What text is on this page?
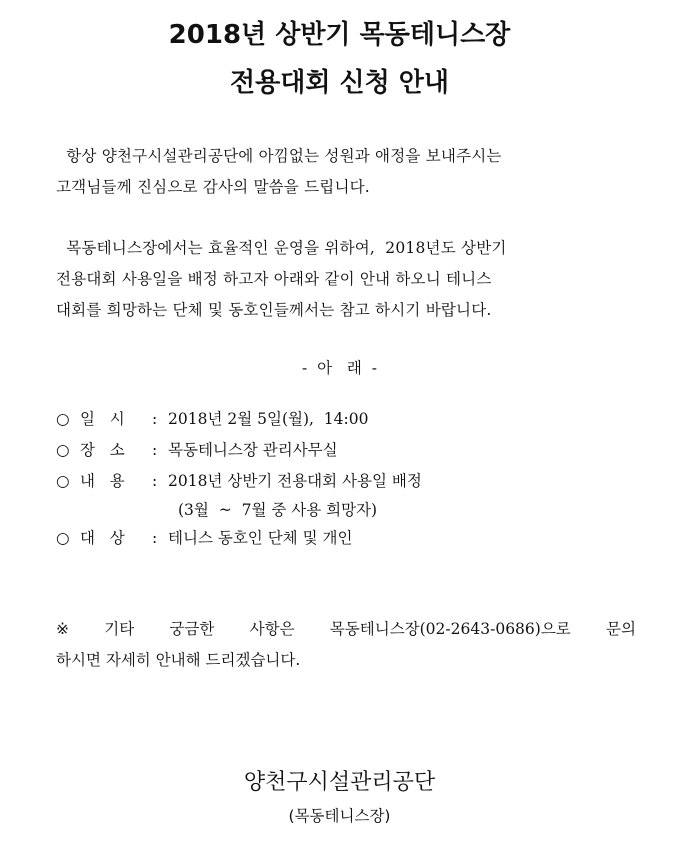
2018년 상반기 목동테니스장
전용대회 신청 안내
항상 양천구시설관리공단에 아낌없는 성원과 애정을 보내주시는
고객님들께 진심으로 감사의 말씀을 드립니다.
목동테니스장에서는 효율적인 운영을 위하여,  2018년도 상반기
전용대회 사용일을 배정 하고자 아래와 같이 안내 하오니 테니스
대회를 희망하는 단체 및 동호인들께서는 참고 하시기 바랍니다.
-  아   래  -
○ 일   시	: 2018년 2월 5일(월),  14:00
○ 장   소	: 목동테니스장 관리사무실
○ 내   용	: 2018년 상반기 전용대회 사용일 배정
(3월  ~  7월 중 사용 희망자)
○ 대   상	: 테니스 동호인 단체 및 개인
※ 기타 궁금한 사항은 목동테니스장(02-2643-0686)으로 문의
하시면 자세히 안내해 드리겠습니다.
양천구시설관리공단
(목동테니스장)
